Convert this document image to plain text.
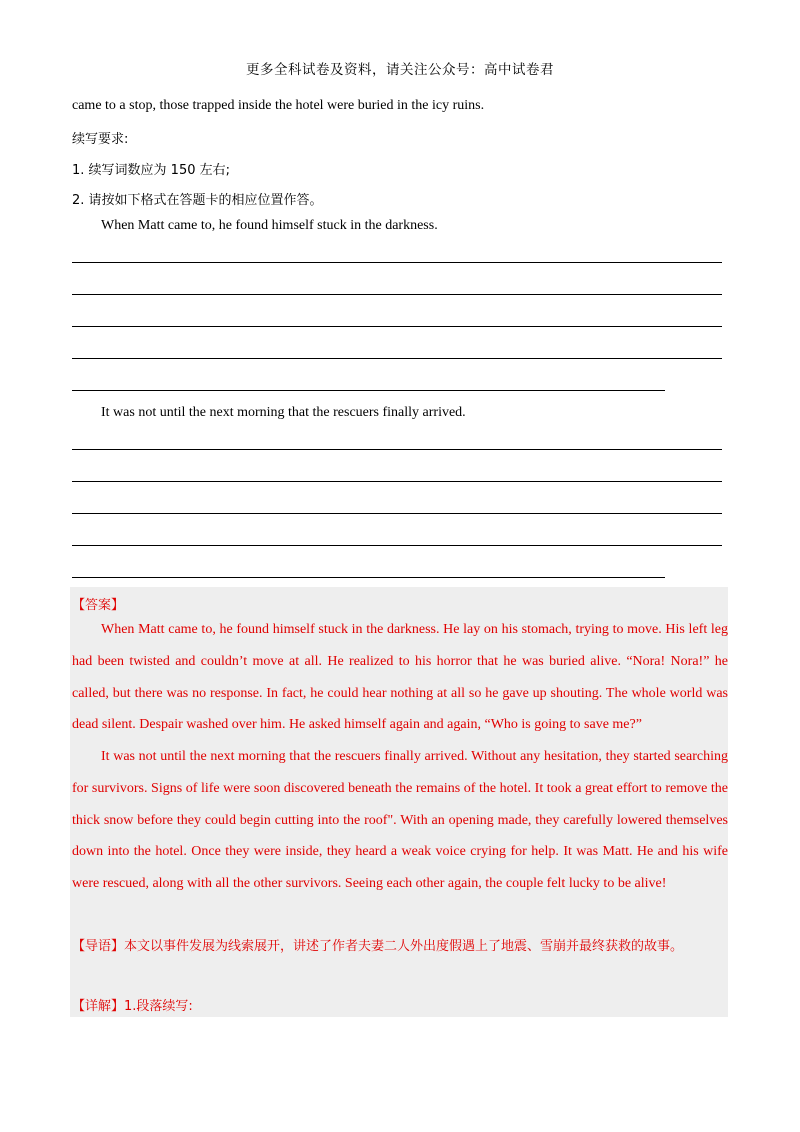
更多全科试卷及资料，请关注公众号：高中试卷君
came to a stop, those trapped inside the hotel were buried in the icy ruins.
续写要求:
1. 续写词数应为 150 左右;
2. 请按如下格式在答题卡的相应位置作答。
When Matt came to, he found himself stuck in the darkness.
It was not until the next morning that the rescuers finally arrived.
【答案】

When Matt came to, he found himself stuck in the darkness. He lay on his stomach, trying to move. His left leg had been twisted and couldn’t move at all. He realized to his horror that he was buried alive. “Nora! Nora!” he called, but there was no response. In fact, he could hear nothing at all so he gave up shouting. The whole world was dead silent. Despair washed over him. He asked himself again and again, “Who is going to save me?”

It was not until the next morning that the rescuers finally arrived. Without any hesitation, they started searching for survivors. Signs of life were soon discovered beneath the remains of the hotel. It took a great effort to remove the thick snow before they could begin cutting into the roof". With an opening made, they carefully lowered themselves down into the hotel. Once they were inside, they heard a weak voice crying for help. It was Matt. He and his wife were rescued, along with all the other survivors. Seeing each other again, the couple felt lucky to be alive!

【导语】本文以事件发展为线索展开，讲述了作者夫妻二人外出度假遇上了地震、雪崩并最终获救的故事。
【详解】1.段落续写:
